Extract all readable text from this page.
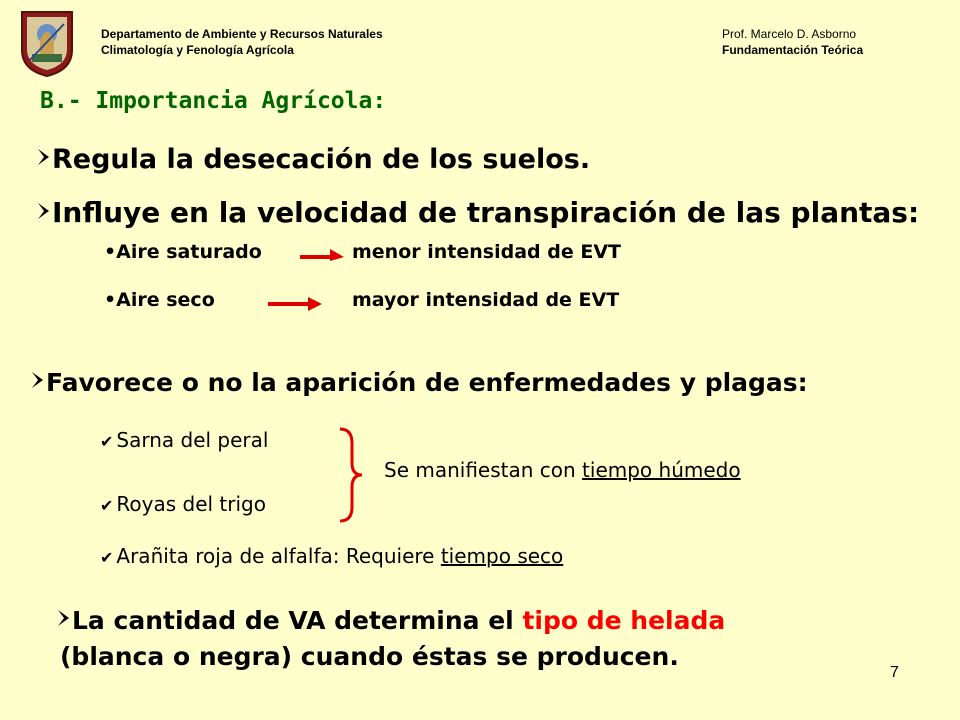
Departamento de Ambiente y Recursos Naturales
Climatología y Fenología Agrícola
Prof. Marcelo D. Asborno
Fundamentación Teórica
B.- Importancia Agrícola:
Regula la desecación de los suelos.
Influye en la velocidad de transpiración de las plantas:
•Aire saturado	menor intensidad de EVT
•Aire seco	mayor intensidad de EVT
Favorece o no la aparición de enfermedades y plagas:
✔ Sarna del peral
✔ Royas del trigo
Se manifiestan con tiempo húmedo
✔ Arañita roja de alfalfa: Requiere tiempo seco
La cantidad de VA determina el tipo de helada
(blanca o negra) cuando éstas se producen.
7
